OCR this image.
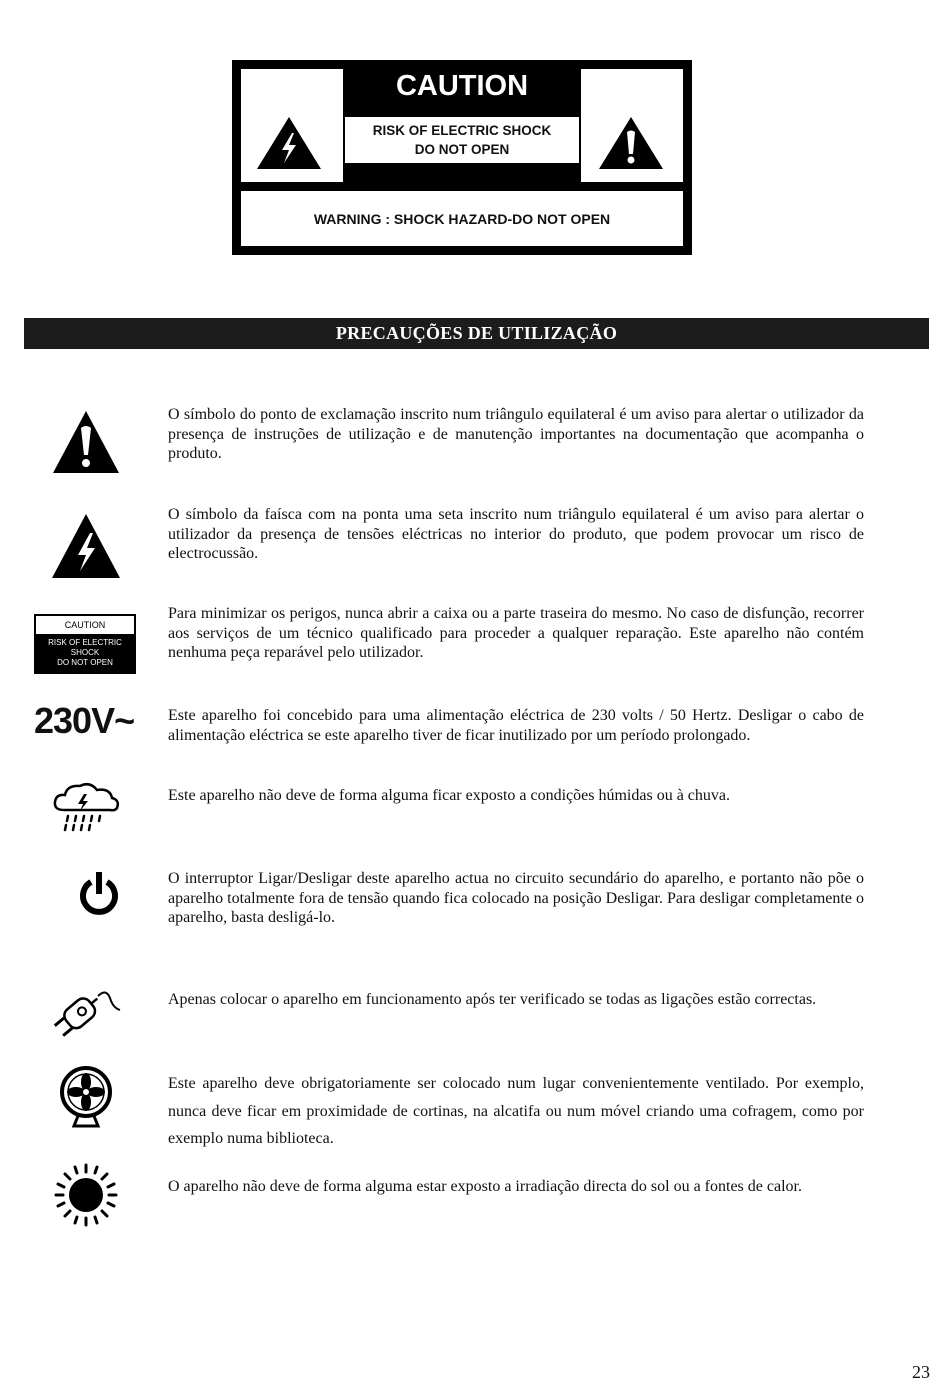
CAUTION
RISK OF ELECTRIC SHOCK
DO NOT OPEN
WARNING : SHOCK HAZARD-DO NOT OPEN
PRECAUÇÕES DE UTILIZAÇÃO

O símbolo do ponto de exclamação inscrito num triângulo equilateral é um aviso para alertar o utilizador da presença de instruções de utilização e de manutenção importantes na documentação que acompanha o produto.

O símbolo da faísca com na ponta uma seta inscrito num triângulo equilateral é um aviso para alertar o utilizador da presença de tensões eléctricas no interior do produto, que podem provocar um risco de electrocussão.

CAUTION
RISK OF ELECTRIC
SHOCK
DO NOT OPEN

Para minimizar os perigos, nunca abrir a caixa ou a parte traseira do mesmo. No caso de disfunção, recorrer aos serviços de um técnico qualificado para proceder a qualquer reparação. Este aparelho não contém nenhuma peça reparável pelo utilizador.

230V~ Este aparelho foi concebido para uma alimentação eléctrica de 230 volts / 50 Hertz. Desligar o cabo de alimentação eléctrica se este aparelho tiver de ficar inutilizado por um período prolongado.

Este aparelho não deve de forma alguma ficar exposto a condições húmidas ou à chuva.

O interruptor Ligar/Desligar deste aparelho actua no circuito secundário do aparelho, e portanto não põe o aparelho totalmente fora de tensão quando fica colocado na posição Desligar. Para desligar completamente o aparelho, basta desligá-lo.

Apenas colocar o aparelho em funcionamento após ter verificado se todas as ligações estão correctas.

Este aparelho deve obrigatoriamente ser colocado num lugar convenientemente ventilado. Por exemplo, nunca deve ficar em proximidade de cortinas, na alcatifa ou num móvel criando uma cofragem, como por exemplo numa biblioteca.

O aparelho não deve de forma alguma estar exposto a irradiação directa do sol ou a fontes de calor.

23
